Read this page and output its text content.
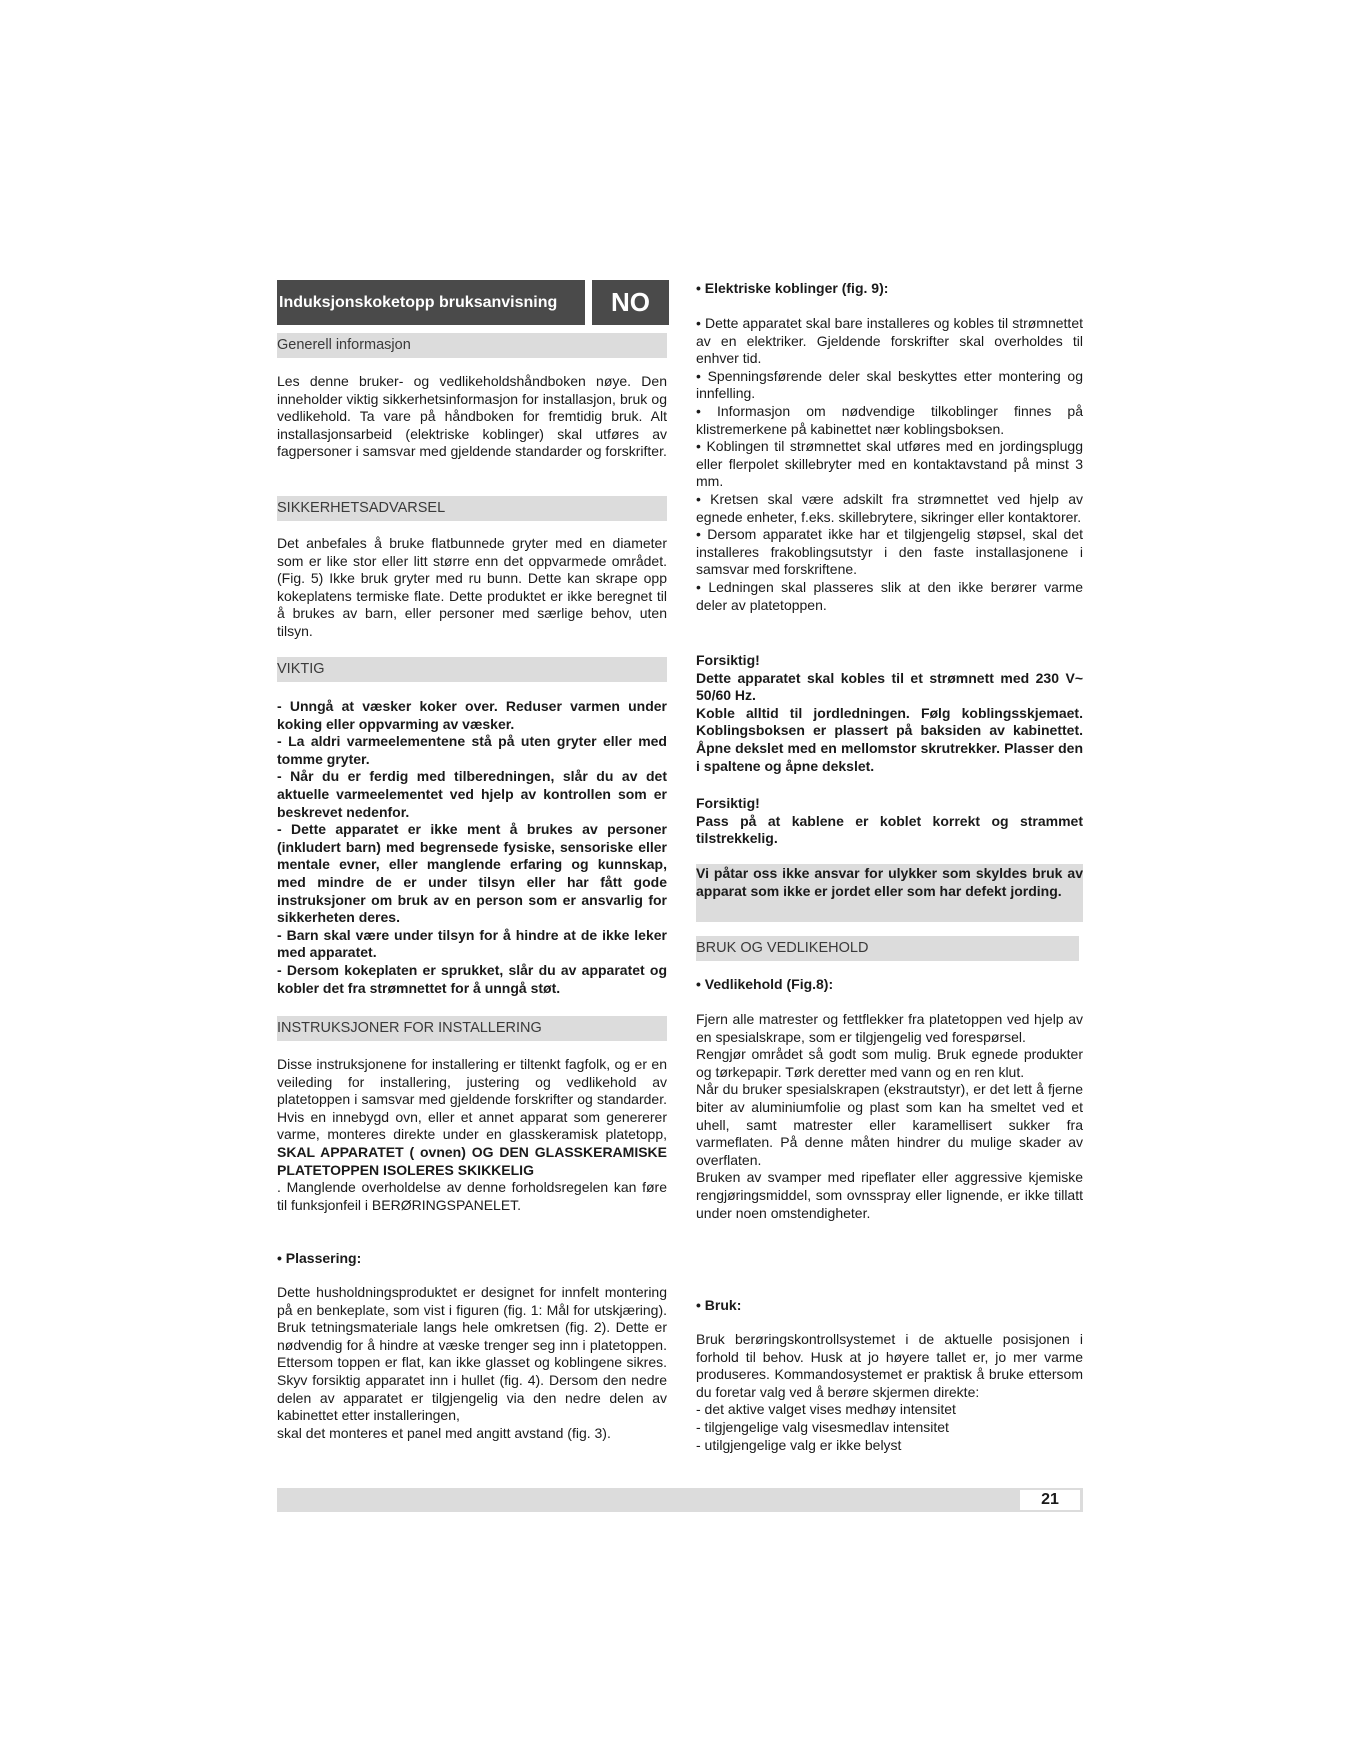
Induksjonskoketopp bruksanvisning	NO
Generell informasjon

Les denne bruker- og vedlikeholdshåndboken nøye. Den inneholder viktig sikkerhetsinformasjon for installasjon, bruk og vedlikehold. Ta vare på håndboken for fremtidig bruk. Alt installasjonsarbeid (elektriske koblinger) skal utføres av fagpersoner i samsvar med gjeldende standarder og forskrifter.

SIKKERHETSADVARSEL

Det anbefales å bruke flatbunnede gryter med en diameter som er like stor eller litt større enn det oppvarmede området. (Fig. 5) Ikke bruk gryter med ru bunn. Dette kan skrape opp kokeplatens termiske flate. Dette produktet er ikke beregnet til å brukes av barn, eller personer med særlige behov, uten tilsyn.

VIKTIG

- Unngå at væsker koker over. Reduser varmen under koking eller oppvarming av væsker.
- La aldri varmeelementene stå på uten gryter eller med tomme gryter.
- Når du er ferdig med tilberedningen, slår du av det aktuelle varmeelementet ved hjelp av kontrollen som er beskrevet nedenfor.
- Dette apparatet er ikke ment å brukes av personer (inkludert barn) med begrensede fysiske, sensoriske eller mentale evner, eller manglende erfaring og kunnskap, med mindre de er under tilsyn eller har fått gode instruksjoner om bruk av en person som er ansvarlig for sikkerheten deres.
- Barn skal være under tilsyn for å hindre at de ikke leker med apparatet.
- Dersom kokeplaten er sprukket, slår du av apparatet og kobler det fra strømnettet for å unngå støt.

INSTRUKSJONER FOR INSTALLERING

Disse instruksjonene for installering er tiltenkt fagfolk, og er en veileding for installering, justering og vedlikehold av platetoppen i samsvar med gjeldende forskrifter og standarder. Hvis en innebygd ovn, eller et annet apparat som genererer varme, monteres direkte under en glasskeramisk platetopp, SKAL APPARATET ( ovnen) OG DEN GLASSKERAMISKE PLATETOPPEN ISOLERES SKIKKELIG
. Manglende overholdelse av denne forholdsregelen kan føre til funksjonfeil i BERØRINGSPANELET.

• Plassering:

Dette husholdningsproduktet er designet for innfelt montering på en benkeplate, som vist i figuren (fig. 1: Mål for utskjæring). Bruk tetningsmateriale langs hele omkretsen (fig. 2). Dette er nødvendig for å hindre at væske trenger seg inn i platetoppen. Ettersom toppen er flat, kan ikke glasset og koblingene sikres. Skyv forsiktig apparatet inn i hullet (fig. 4). Dersom den nedre delen av apparatet er tilgjengelig via den nedre delen av kabinettet etter installeringen,
skal det monteres et panel med angitt avstand (fig. 3).

• Elektriske koblinger (fig. 9):

• Dette apparatet skal bare installeres og kobles til strømnettet av en elektriker. Gjeldende forskrifter skal overholdes til enhver tid.
• Spenningsførende deler skal beskyttes etter montering og innfelling.
• Informasjon om nødvendige tilkoblinger finnes på klistremerkene på kabinettet nær koblingsboksen.
• Koblingen til strømnettet skal utføres med en jordingsplugg eller flerpolet skillebryter med en kontaktavstand på minst 3 mm.
• Kretsen skal være adskilt fra strømnettet ved hjelp av egnede enheter, f.eks. skillebrytere, sikringer eller kontaktorer.
• Dersom apparatet ikke har et tilgjengelig støpsel, skal det installeres frakoblingsutstyr i den faste installasjonene i samsvar med forskriftene.
• Ledningen skal plasseres slik at den ikke berører varme deler av platetoppen.

Forsiktig!
Dette apparatet skal kobles til et strømnett med 230 V~ 50/60 Hz.
Koble alltid til jordledningen. Følg koblingsskjemaet. Koblingsboksen er plassert på baksiden av kabinettet. Åpne dekslet med en mellomstor skrutrekker. Plasser den i spaltene og åpne dekslet.

Forsiktig!
Pass på at kablene er koblet korrekt og strammet tilstrekkelig.

Vi påtar oss ikke ansvar for ulykker som skyldes bruk av apparat som ikke er jordet eller som har defekt jording.

BRUK OG VEDLIKEHOLD

• Vedlikehold (Fig.8):

Fjern alle matrester og fettflekker fra platetoppen ved hjelp av en spesialskrape, som er tilgjengelig ved forespørsel.
Rengjør området så godt som mulig. Bruk egnede produkter og tørkepapir. Tørk deretter med vann og en ren klut.
Når du bruker spesialskrapen (ekstrautstyr), er det lett å fjerne biter av aluminiumfolie og plast som kan ha smeltet ved et uhell, samt matrester eller karamellisert sukker fra varmeflaten. På denne måten hindrer du mulige skader av overflaten.
Bruken av svamper med ripeflater eller aggressive kjemiske rengjøringsmiddel, som ovnsspray eller lignende, er ikke tillatt under noen omstendigheter.

• Bruk:

Bruk berøringskontrollsystemet i de aktuelle posisjonen i forhold til behov. Husk at jo høyere tallet er, jo mer varme produseres. Kommandosystemet er praktisk å bruke ettersom du foretar valg ved å berøre skjermen direkte:
- det aktive valget vises medhøy intensitet
- tilgjengelige valg visesmedlav intensitet
- utilgjengelige valg er ikke belyst

21
